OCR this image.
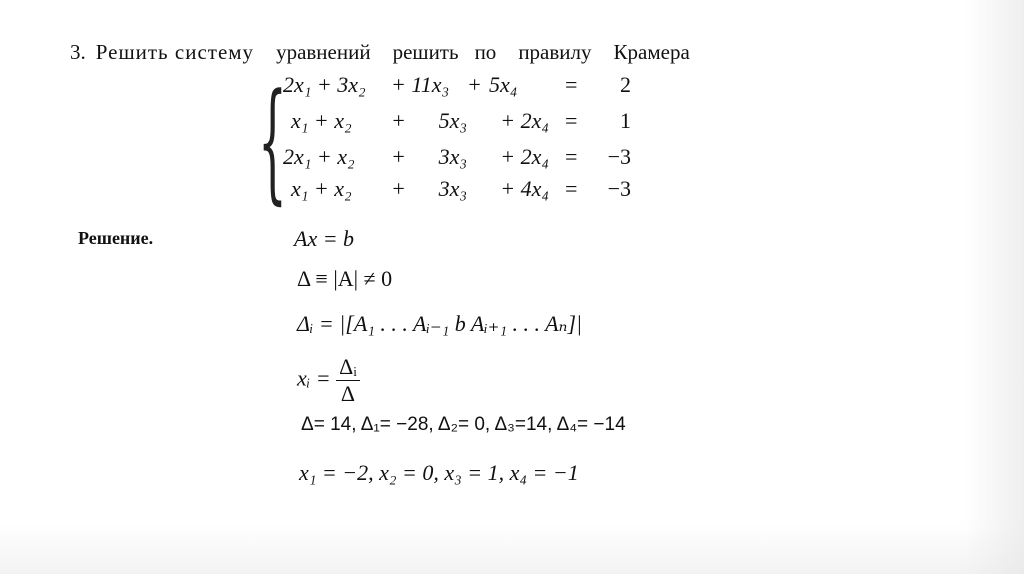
3. Решить систему уравнений решить по правилу Крамера
{
2x₁ + 3x₂ + 11x₃ + 5x₄ = 2
x₁ + x₂ + 5x₃ + 2x₄ = 1
2x₁ + x₂ + 3x₃ + 2x₄ = −3
x₁ + x₂ + 3x₃ + 4x₄ = −3
Решение.	Ax = b
Δ ≡ |A| ≠ 0
Δᵢ = |[A₁ . . . Aᵢ₋₁ b Aᵢ₊₁ . . . Aₙ]|
xᵢ = $\frac{\text{Δᵢ}}{\Delta}$
Δ= 14, Δ₁= −28, Δ₂= 0, Δ₃=14, Δ₄= −14
x₁ = −2, x₂ = 0, x₃ = 1, x₄ = −1
